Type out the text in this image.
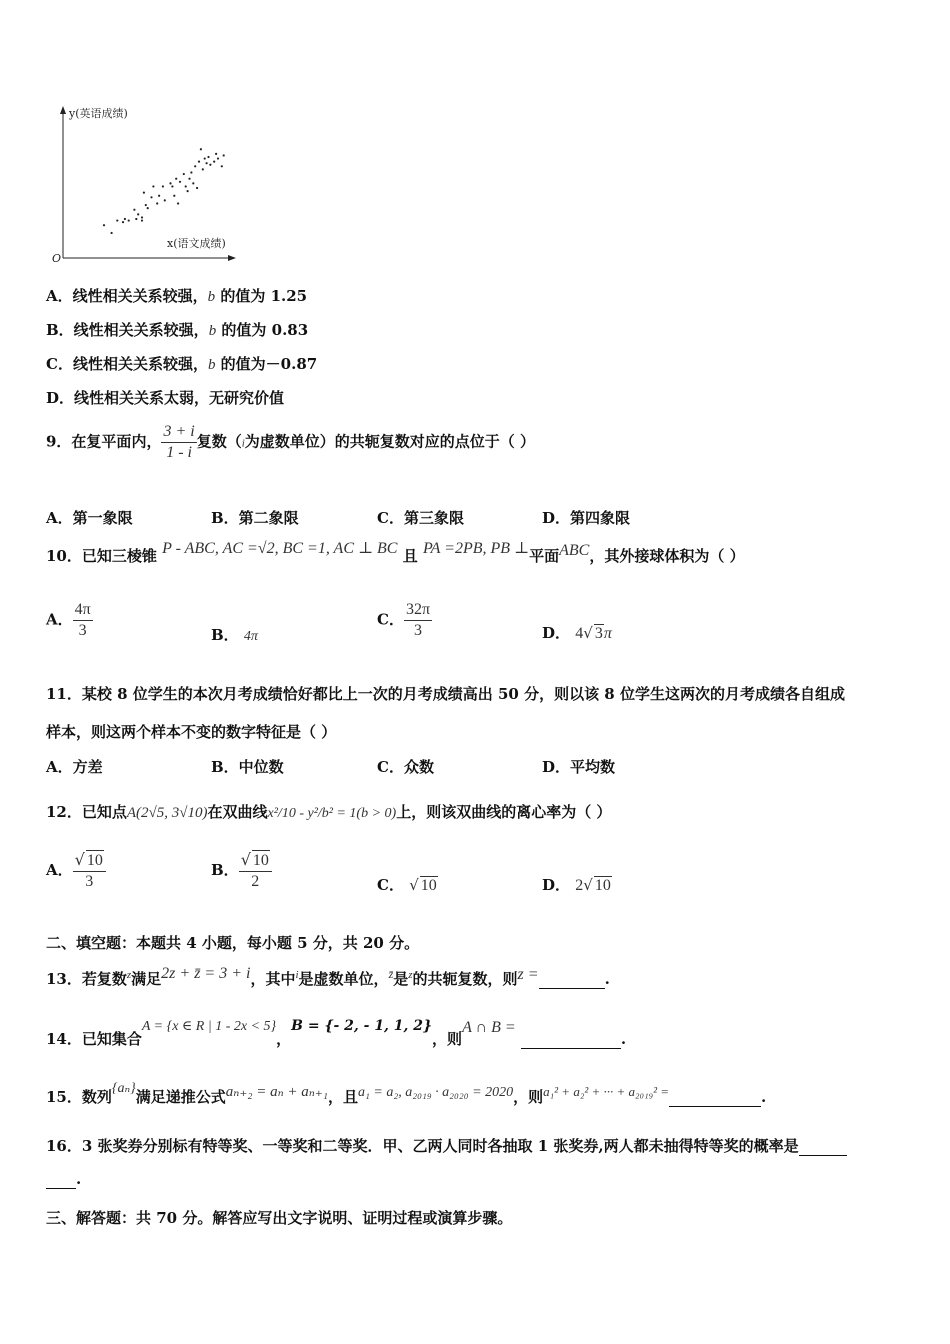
y(英语成绩)
x(语文成绩)
O
A．线性相关关系较强，b 的值为 1.25
B．线性相关关系较强，b 的值为 0.83
C．线性相关关系较强，b 的值为－0.87
D．线性相关关系太弱，无研究价值
9．在复平面内， $\frac{3 + i}{1 - i}$ 复数（i为虚数单位）的共轭复数对应的点位于（ ）
A．第一象限	B．第二象限	C．第三象限	D．第四象限
10．已知三棱锥 P - ABC, AC =√2, BC =1, AC ⊥ BC 且 PA =2PB, PB ⊥平面ABC，其外接球体积为（ ）
A． $\frac{4\pi}{3}$	B． 4π
C． $\frac{32\pi}{3}$	D． 4√ 3π
11．某校 8 位学生的本次月考成绩恰好都比上一次的月考成绩高出 50 分，则以该 8 位学生这两次的月考成绩各自组成
样本，则这两个样本不变的数字特征是（ ）
A．方差	B．中位数	C．众数	D．平均数
12．已知点A(2√5, 3√10)在双曲线x²/10 - y²/b² = 1(b > 0)上，则该双曲线的离心率为（ ）
A． $\frac{√ 10}{3}$	B． $\frac{√ 10}{2}$	C． √ 10	D． 2√ 10
二、填空题：本题共 4 小题，每小题 5 分，共 20 分。
13．若复数$^z$满足2z + z̄ = 3 + i，其中$^i$是虚数单位，$^{z̄}$是$^z$的共轭复数，则z =	.
14．已知集合A = {x ∈ R | 1 - 2x < 5}，B = {- 2, - 1, 1, 2}，则A ∩ B =  .
15．数列{aₙ}满足递推公式aₙ₊₂ = aₙ + aₙ₊₁，且a₁ = a₂, a₂₀₁₉ · a₂₀₂₀ = 2020，则a₁² + a₂² + ··· + a₂₀₁₉² =	.
16．3 张奖券分别标有特等奖、一等奖和二等奖．甲、乙两人同时各抽取 1 张奖券,两人都未抽得特等奖的概率是
.
三、解答题：共 70 分。解答应写出文字说明、证明过程或演算步骤。
